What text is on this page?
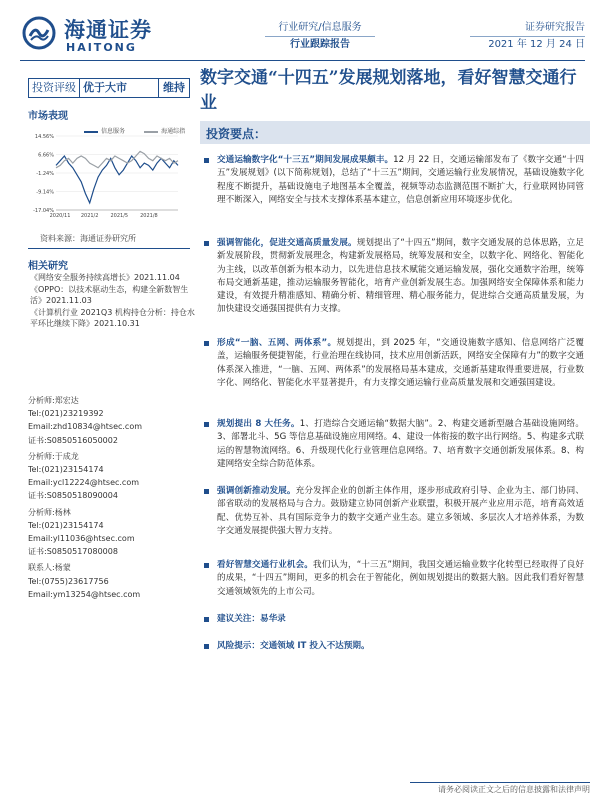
海通证券
HAITONG
行业研究/信息服务
行业跟踪报告
证券研究报告
2021 年 12 月 24 日
投资评级 优于大市	维持 数字交通“十四五”发展规划落地，看好智慧交通行业
市场表现
信息服务	海通综指
14.56%
6.66%
-1.24%
-9.14%
-17.04%
2020/11 2021/2 2021/5 2021/8
资料来源：海通证券研究所
相关研究
《网络安全服务持续高增长》2021.11.04
《OPPO：以技术驱动生态，构建全新数智生活》2021.11.03
《计算机行业 2021Q3 机构持仓分析：持仓水平环比继续下降》2021.10.31
分析师:郑宏达
Tel:(021)23219392
Email:zhd10834@htsec.com
证书:S0850516050002
分析师:于成龙
Tel:(021)23154174
Email:ycl12224@htsec.com
证书:S0850518090004
分析师:杨林
Tel:(021)23154174
Email:yl11036@htsec.com
证书:S0850517080008
联系人:杨蒙
Tel:(0755)23617756
Email:ym13254@htsec.com
投资要点：
交通运输数字化“十三五”期间发展成果颇丰。12 月 22 日，交通运输部发布了《数字交通“十四五”发展规划》(以下简称规划)，总结了“十三五”期间，交通运输行业发展情况，基础设施数字化程度不断提升，基础设施电子地图基本全覆盖，视频等动态监测范围不断扩大，行业联网协同管理不断深入，网络安全与技术支撑体系基本建立，信息创新应用环境逐步优化。
强调智能化，促进交通高质量发展。规划提出了“十四五”期间，数字交通发展的总体思路，立足新发展阶段，贯彻新发展理念，构建新发展格局，统筹发展和安全，以数字化、网络化、智能化为主线，以改革创新为根本动力，以先进信息技术赋能交通运输发展，强化交通数字治理，统筹布局交通新基建，推动运输服务智能化，培育产业创新发展生态。加强网络安全保障体系和能力建设，有效提升精准感知、精确分析、精细管理、精心服务能力，促进综合交通高质量发展，为加快建设交通强国提供有力支撑。
形成“一脑、五网、两体系”。规划提出，到 2025 年，“交通设施数字感知、信息网络广泛覆盖，运输服务便捷智能，行业治理在线协同，技术应用创新活跃，网络安全保障有力”的数字交通体系深入推进，“一脑、五网、两体系”的发展格局基本建成，交通新基建取得重要进展，行业数字化、网络化、智能化水平显著提升，有力支撑交通运输行业高质量发展和交通强国建设。
规划提出 8 大任务。1、打造综合交通运输“数据大脑”。2、构建交通新型融合基础设施网络。3、部署北斗、5G 等信息基础设施应用网络。4、建设一体衔接的数字出行网络。5、构建多式联运的智慧物流网络。6、升级现代化行业管理信息网络。7、培育数字交通创新发展体系。8、构建网络安全综合防范体系。
强调创新推动发展。充分发挥企业的创新主体作用，逐步形成政府引导、企业为主、部门协同、部省联动的发展格局与合力。鼓励建立协同创新产业联盟，积极开展产业应用示范，培育高效适配、优势互补、具有国际竞争力的数字交通产业生态。建立多领域、多层次人才培养体系，为数字交通发展提供强大智力支持。
看好智慧交通行业机会。我们认为，“十三五”期间，我国交通运输业数字化转型已经取得了良好的成果，“十四五”期间，更多的机会在于智能化，例如规划提出的数据大脑。因此我们看好智慧交通领域领先的上市公司。
建议关注：易华录
风险提示：交通领域 IT 投入不达预期。
请务必阅读正文之后的信息披露和法律声明
